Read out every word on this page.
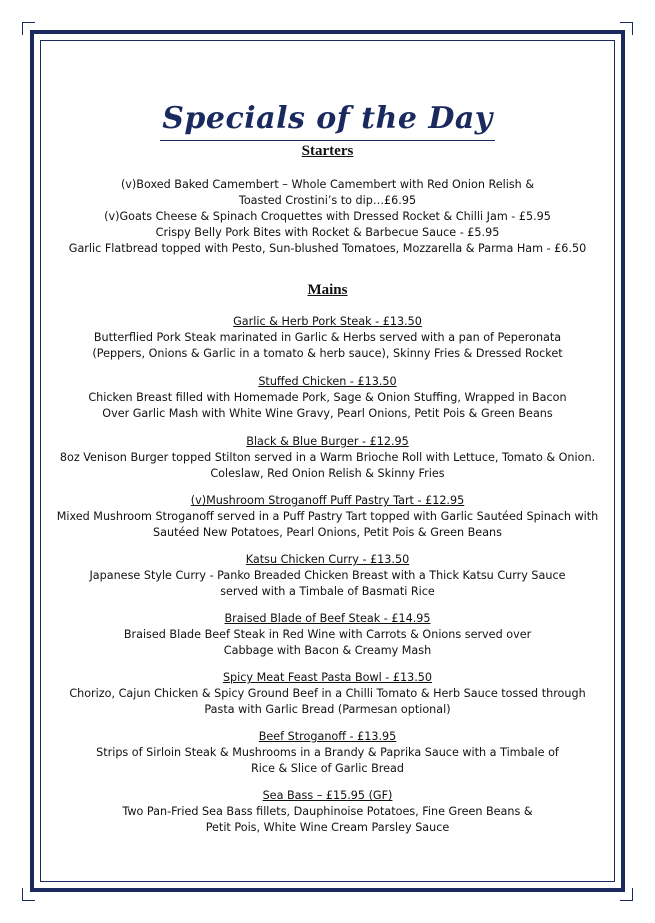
Specials of the Day
Starters

(v)Boxed Baked Camembert – Whole Camembert with Red Onion Relish &

Toasted Crostini’s to dip…£6.95

(v)Goats Cheese & Spinach Croquettes with Dressed Rocket & Chilli Jam - £5.95

Crispy Belly Pork Bites with Rocket & Barbecue Sauce - £5.95

Garlic Flatbread topped with Pesto, Sun-blushed Tomatoes, Mozzarella & Parma Ham - £6.50

Mains

Garlic & Herb Pork Steak - £13.50

Butterflied Pork Steak marinated in Garlic & Herbs served with a pan of Peperonata

(Peppers, Onions & Garlic in a tomato & herb sauce), Skinny Fries & Dressed Rocket

Stuffed Chicken - £13.50

Chicken Breast filled with Homemade Pork, Sage & Onion Stuffing, Wrapped in Bacon

Over Garlic Mash with White Wine Gravy, Pearl Onions, Petit Pois & Green Beans

Black & Blue Burger - £12.95

8oz Venison Burger topped Stilton served in a Warm Brioche Roll with Lettuce, Tomato & Onion.

Coleslaw, Red Onion Relish & Skinny Fries

(v)Mushroom Stroganoff Puff Pastry Tart - £12.95

Mixed Mushroom Stroganoff served in a Puff Pastry Tart topped with Garlic Sautéed Spinach with

Sautéed New Potatoes, Pearl Onions, Petit Pois & Green Beans

Katsu Chicken Curry - £13.50

Japanese Style Curry - Panko Breaded Chicken Breast with a Thick Katsu Curry Sauce

served with a Timbale of Basmati Rice

Braised Blade of Beef Steak - £14.95

Braised Blade Beef Steak in Red Wine with Carrots & Onions served over

Cabbage with Bacon & Creamy Mash

Spicy Meat Feast Pasta Bowl - £13.50

Chorizo, Cajun Chicken & Spicy Ground Beef in a Chilli Tomato & Herb Sauce tossed through

Pasta with Garlic Bread (Parmesan optional)

Beef Stroganoff - £13.95

Strips of Sirloin Steak & Mushrooms in a Brandy & Paprika Sauce with a Timbale of

Rice & Slice of Garlic Bread

Sea Bass – £15.95 (GF)

Two Pan-Fried Sea Bass fillets, Dauphinoise Potatoes, Fine Green Beans &

Petit Pois, White Wine Cream Parsley Sauce
